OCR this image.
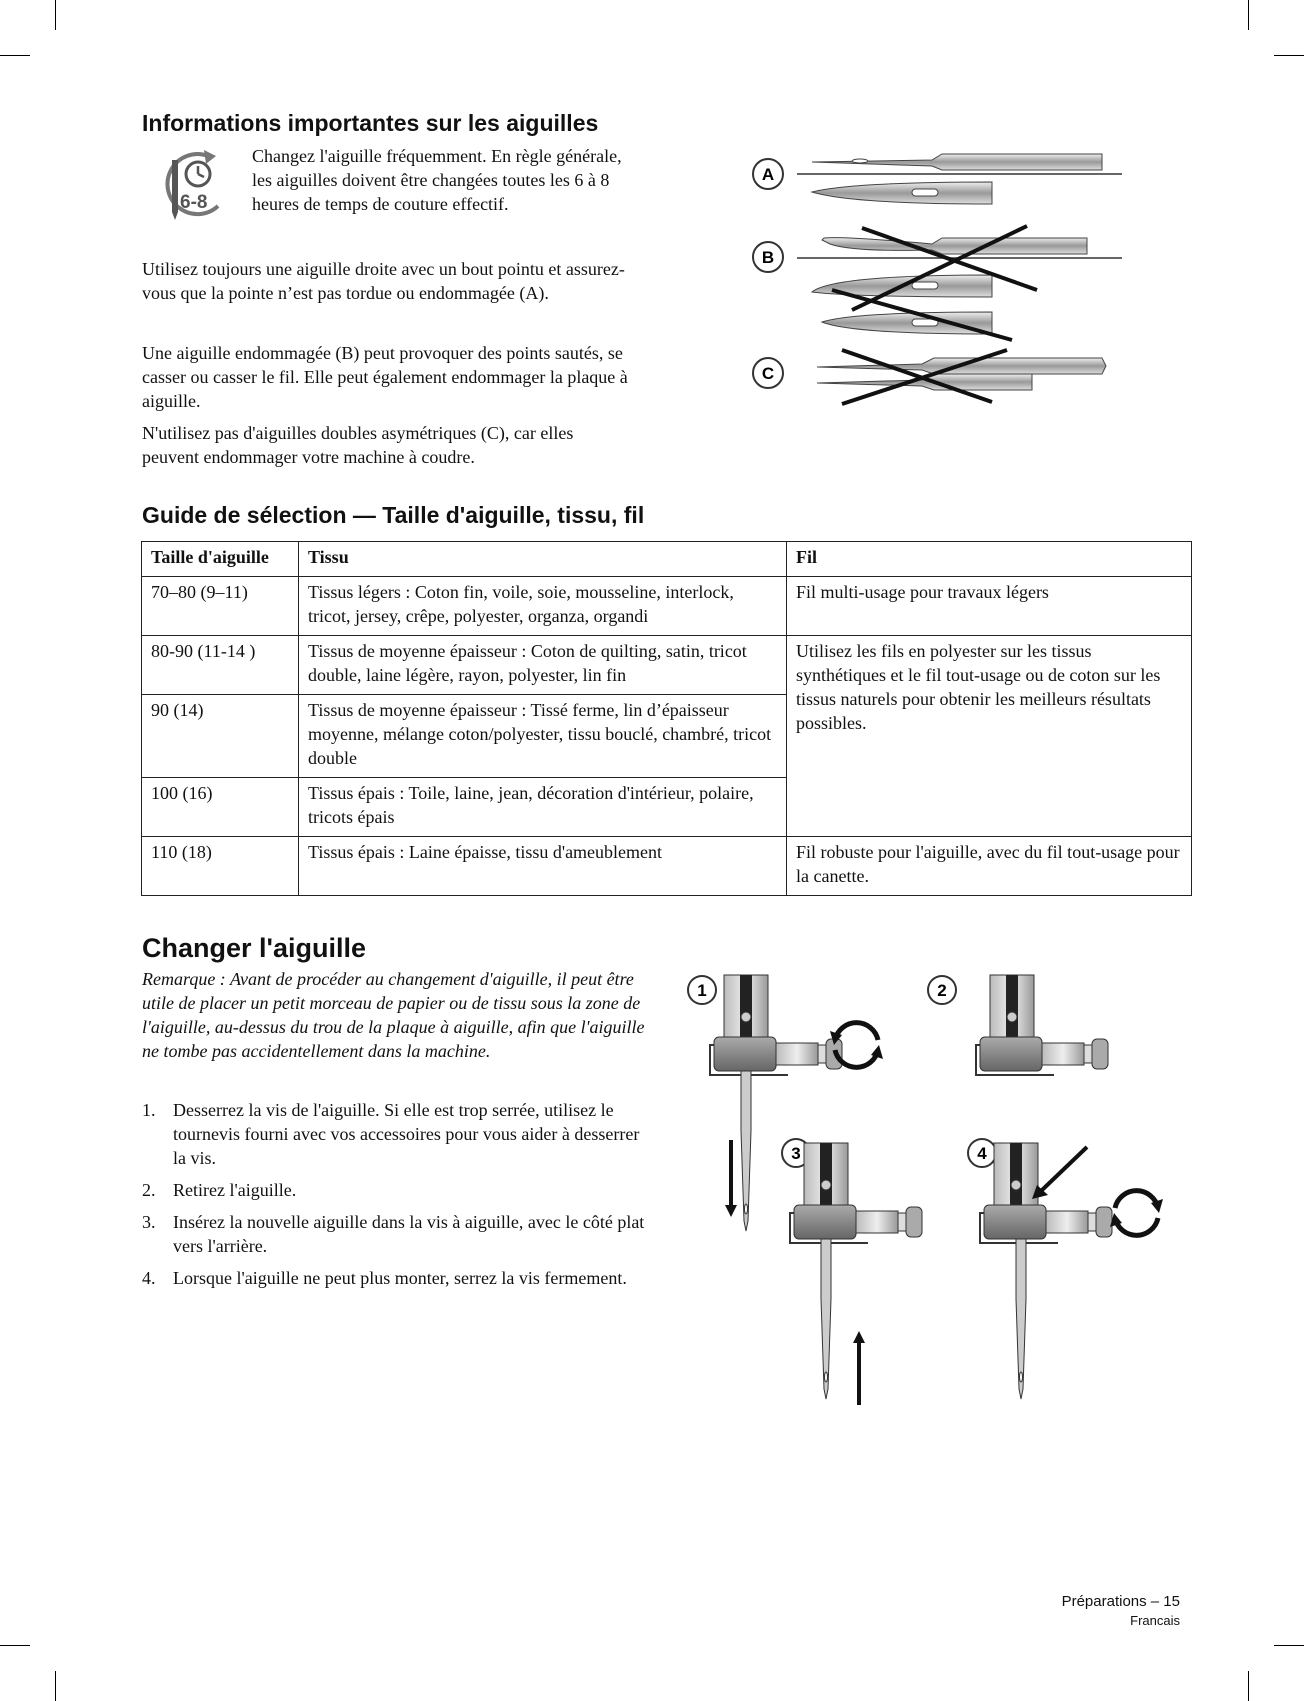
Informations importantes sur les aiguilles
6-8

Changez l'aiguille fréquemment. En règle générale, les aiguilles doivent être changées toutes les 6 à 8 heures de temps de couture effectif.

Utilisez toujours une aiguille droite avec un bout pointu et assurez-vous que la pointe n’est pas tordue ou endommagée (A).

Une aiguille endommagée (B) peut provoquer des points sautés, se casser ou casser le fil. Elle peut également endommager la plaque à aiguille.

N'utilisez pas d'aiguilles doubles asymétriques (C), car elles peuvent endommager votre machine à coudre.

A
B
C
Guide de sélection — Taille d'aiguille, tissu, fil
Taille d'aiguille	Tissu	Fil
70–80 (9–11)	Tissus légers : Coton fin, voile, soie, mousseline, interlock, tricot, jersey, crêpe, polyester, organza, organdi	Fil multi-usage pour travaux légers
80-90 (11-14 )	Tissus de moyenne épaisseur : Coton de quilting, satin, tricot double, laine légère, rayon, polyester, lin fin	Utilisez les fils en polyester sur les tissus synthétiques et le fil tout-usage ou de coton sur les tissus naturels pour obtenir les meilleurs résultats possibles.
90 (14)	Tissus de moyenne épaisseur : Tissé ferme, lin d’épaisseur moyenne, mélange coton/polyester, tissu bouclé, chambré, tricot double	
100 (16)	Tissus épais : Toile, laine, jean, décoration d'intérieur, polaire, tricots épais	
110 (18)	Tissus épais : Laine épaisse, tissu d'ameublement	Fil robuste pour l'aiguille, avec du fil tout-usage pour la canette.
Changer l'aiguille

Remarque : Avant de procéder au changement d'aiguille, il peut être utile de placer un petit morceau de papier ou de tissu sous la zone de l'aiguille, au-dessus du trou de la plaque à aiguille, afin que l'aiguille ne tombe pas accidentellement dans la machine.

1. Desserrez la vis de l'aiguille. Si elle est trop serrée, utilisez le tournevis fourni avec vos accessoires pour vous aider à desserrer la vis.
2. Retirez l'aiguille.
3. Insérez la nouvelle aiguille dans la vis à aiguille, avec le côté plat vers l'arrière.
4. Lorsque l'aiguille ne peut plus monter, serrez la vis fermement.
1	2
3	4
Préparations – 15
Francais
